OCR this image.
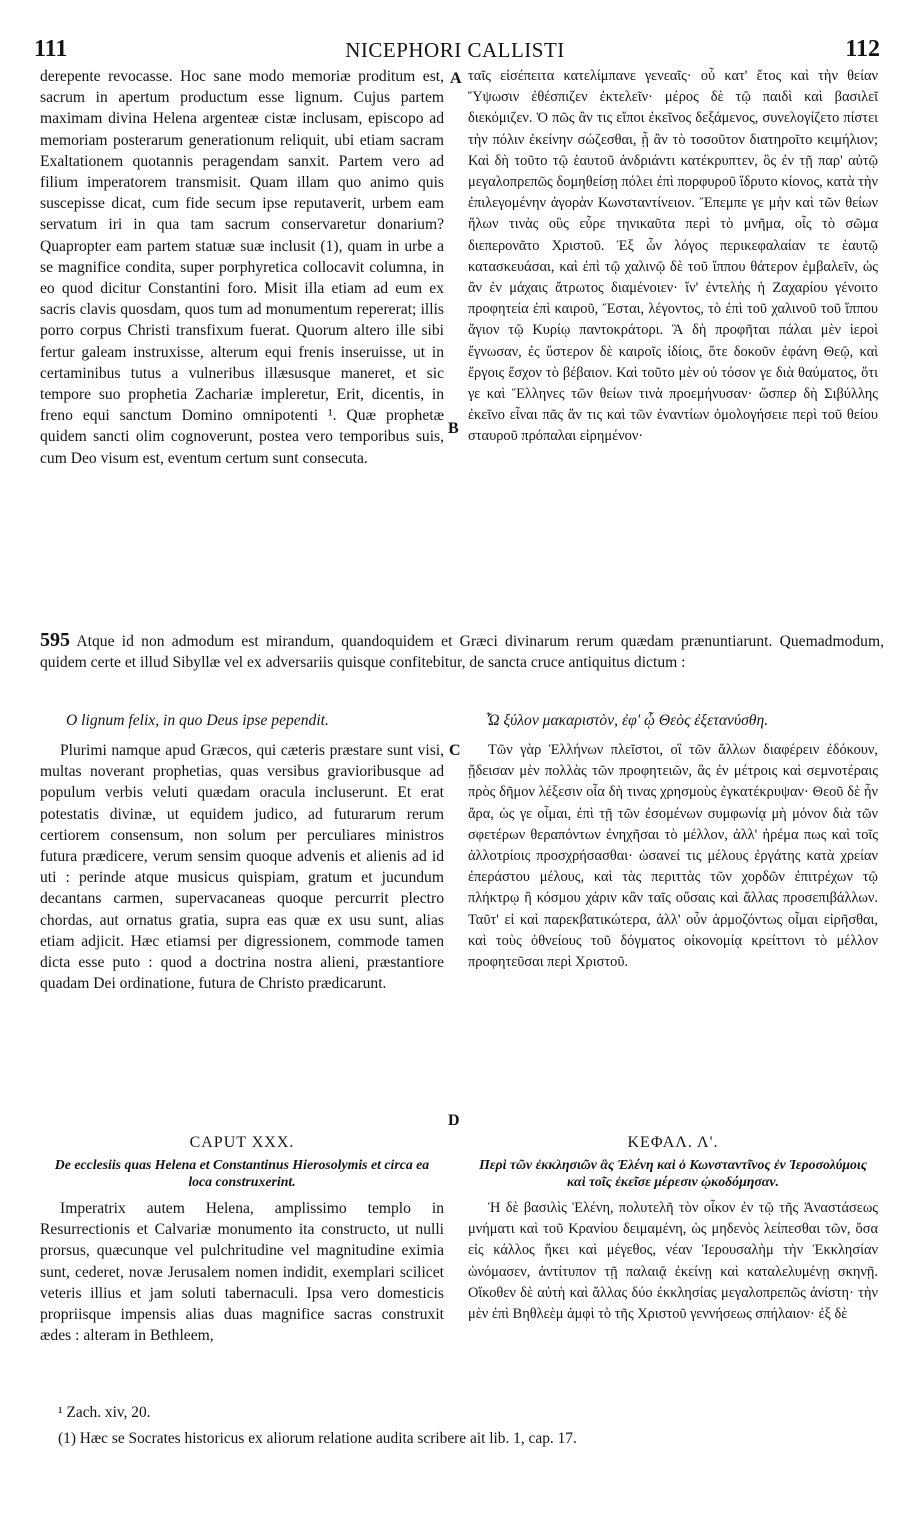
111	NICEPHORI CALLISTI	112
derepente revocasse. Hoc sane modo memoriæ proditum est, sacrum in apertum productum esse lignum. Cujus partem maximam divina Helena argenteæ cistæ inclusam, episcopo ad memoriam posterarum generationum reliquit, ubi etiam sacram Exaltationem quotannis peragendam sanxit. Partem vero ad filium imperatorem transmisit. Quam illam quo animo quis suscepisse dicat, cum fide secum ipse reputaverit, urbem eam servatum iri in qua tam sacrum conservaretur donarium? Quapropter eam partem statuæ suæ inclusit (1), quam in urbe a se magnifice condita, super porphyretica collocavit columna, in eo quod dicitur Constantini foro. Misit illa etiam ad eum ex sacris clavis quosdam, quos tum ad monumentum repererat; illis porro corpus Christi transfixum fuerat. Quorum altero ille sibi fertur galeam instruxisse, alterum equi frenis inseruisse, ut in certaminibus tutus a vulneribus illæsusque maneret, et sic tempore suo prophetia Zachariæ impleretur, Erit, dicentis, in freno equi sanctum Domino omnipotenti ¹. Quæ prophetæ quidem sancti olim cognoverunt, postea vero temporibus suis, cum Deo visum est, eventum certum sunt consecuta.
A ταῖς εἰσέπειτα κατελίμπανε γενεαῖς· οὗ κατ' ἔτος καὶ τὴν θείαν Ὕψωσιν ἐθέσπιζεν ἐκτελεῖν· μέρος δὲ τῷ παιδὶ καὶ βασιλεῖ διεκόμιζεν. Ὁ πῶς ἂν τις εἴποι ἐκεῖνος δεξάμενος, συνελογίζετο πίστει τὴν πόλιν ἐκείνην σώζεσθαι, ᾗ ἂν τὸ τοσοῦτον διατηροῖτο κειμήλιον; Καὶ δὴ τοῦτο τῷ ἑαυτοῦ ἀνδριάντι κατέκρυπτεν, ὃς ἐν τῇ παρ' αὐτῷ μεγαλοπρεπῶς δομηθείσῃ πόλει ἐπὶ πορφυροῦ ἵδρυτο κίονος, κατὰ τὴν ἐπιλεγομένην ἀγορὰν Κωνσταντίνειον. Ἔπεμπε γε μὴν καὶ τῶν θείων ἥλων τινὰς οὓς εὗρε τηνικαῦτα περὶ τὸ μνῆμα, οἷς τὸ σῶμα διεπερονᾶτο Χριστοῦ. Ἐξ ὧν λόγος περικεφαλαίαν τε ἑαυτῷ κατασκευάσαι, καὶ ἐπὶ τῷ χαλινῷ δὲ τοῦ ἵππου θάτερον ἐμβαλεῖν, ὡς ἂν ἐν μάχαις ἄτρωτος διαμένοιεν· ἵν' ἐντελὴς ἡ Ζαχαρίου γένοιτο προφητεία ἐπὶ καιροῦ, Ἔσται, λέγοντος, τὸ ἐπὶ τοῦ χαλινοῦ τοῦ ἵππου ἅγιον τῷ Κυρίῳ παντοκράτορι. Ἃ δὴ προφῆται πάλαι μὲν ἱεροὶ ἔγνωσαν, ἐς ὕστερον δὲ καιροῖς ἰδίοις, ὅτε δοκοῦν ἐφάνη Θεῷ, καὶ ἔργοις ἔσχον τὸ βέβαιον. Καὶ τοῦτο μὲν οὐ τόσον γε διὰ θαύματος, ὅτι γε καὶ Ἕλληνες τῶν θείων τινὰ προεμήνυσαν· ὥσπερ δὴ Σιβύλλης ἐκεῖνο εἶναι πᾶς ἄν τις καὶ τῶν ἐναντίων ὁμολογήσειε περὶ τοῦ θείου σταυροῦ πρόπαλαι εἰρημένον·
B
595 Atque id non admodum est mirandum, quandoquidem et Græci divinarum rerum quædam prænuntiarunt. Quemadmodum, quidem certe et illud Sibyllæ vel ex adversariis quisque confitebitur, de sancta cruce antiquitus dictum :
O lignum felix, in quo Deus ipse pependit.	Ὦ ξύλον μακαριστὸν, ἐφ' ᾧ Θεὸς ἐξετανύσθη.
Plurimi namque apud Græcos, qui cæteris præstare sunt visi, multas noverant prophetias, quas versibus gravioribusque ad populum verbis veluti quædam oracula incluserunt. Et erat potestatis divinæ, ut equidem judico, ad futurarum rerum certiorem consensum, non solum per perculiares ministros futura prædicere, verum sensim quoque advenis et alienis ad id uti : perinde atque musicus quispiam, gratum et jucundum decantans carmen, supervacaneas quoque percurrit plectro chordas, aut ornatus gratia, supra eas quæ ex usu sunt, alias etiam adjicit. Hæc etiamsi per digressionem, commode tamen dicta esse puto : quod a doctrina nostra alieni, præstantiore quadam Dei ordinatione, futura de Christo prædicarunt.
C	Τῶν γὰρ Ἑλλήνων πλεῖστοι, οἳ τῶν ἄλλων διαφέρειν ἐδόκουν, ᾔδεισαν μὲν πολλὰς τῶν προφητειῶν, ἃς ἐν μέτροις καὶ σεμνοτέραις πρὸς δῆμον λέξεσιν οἷα δὴ τινας χρησμοὺς ἐγκατέκρυψαν· Θεοῦ δὲ ἦν ἄρα, ὡς γε οἶμαι, ἐπὶ τῇ τῶν ἐσομένων συμφωνίᾳ μὴ μόνον διὰ τῶν σφετέρων θεραπόντων ἐνηχῆσαι τὸ μέλλον, ἀλλ' ἠρέμα πως καὶ τοῖς ἀλλοτρίοις προσχρήσασθαι· ὡσανεί τις μέλους ἐργάτης κατὰ χρείαν ἐπεράστου μέλους, καὶ τὰς περιττὰς τῶν χορδῶν ἐπιτρέχων τῷ πλήκτρῳ ἢ κόσμου χάριν κἂν ταῖς οὔσαις καὶ ἄλλας προσεπιβάλλων. Ταῦτ' εἰ καὶ παρεκβατικώτερα, ἀλλ' οὖν ἁρμοζόντως οἶμαι εἰρῆσθαι, καὶ τοὺς ὀθνείους τοῦ δόγματος οἰκονομίᾳ κρείττονι τὸ μέλλον προφητεῦσαι περὶ Χριστοῦ.
D
CAPUT XXX.
De ecclesiis quas Helena et Constantinus Hierosolymis et circa ea loca construxerint.
ΚΕΦΑΛ. Λ'.
Περὶ τῶν ἐκκλησιῶν ἃς Ἑλένη καὶ ὁ Κωνσταντῖνος ἐν Ἱεροσολύμοις καὶ τοῖς ἐκεῖσε μέρεσιν ᾠκοδόμησαν.
Imperatrix autem Helena, amplissimo templo in Resurrectionis et Calvariæ monumento ita constructo, ut nulli prorsus, quæcunque vel pulchritudine vel magnitudine eximia sunt, cederet, novæ Jerusalem nomen indidit, exemplari scilicet veteris illius et jam soluti tabernaculi. Ipsa vero domesticis propriisque impensis alias duas magnifice sacras construxit ædes : alteram in Bethleem,
Ἡ δὲ βασιλὶς Ἑλένη, πολυτελῆ τὸν οἶκον ἐν τῷ τῆς Ἀναστάσεως μνήματι καὶ τοῦ Κρανίου δειμαμένη, ὡς μηδενὸς λείπεσθαι τῶν, ὅσα εἰς κάλλος ἥκει καὶ μέγεθος, νέαν Ἱερουσαλὴμ τὴν Ἐκκλησίαν ὠνόμασεν, ἀντίτυπον τῇ παλαιᾷ ἐκείνῃ καὶ καταλελυμένῃ σκηνῇ. Οἴκοθεν δὲ αὐτὴ καὶ ἄλλας δύο ἐκκλησίας μεγαλοπρεπῶς ἀνίστη· τὴν μὲν ἐπὶ Βηθλεὲμ ἀμφὶ τὸ τῆς Χριστοῦ γεννήσεως σπήλαιον· ἐξ δὲ
¹ Zach. xiv, 20.
(1) Hæc se Socrates historicus ex aliorum relatione audita scribere ait lib. 1, cap. 17.
